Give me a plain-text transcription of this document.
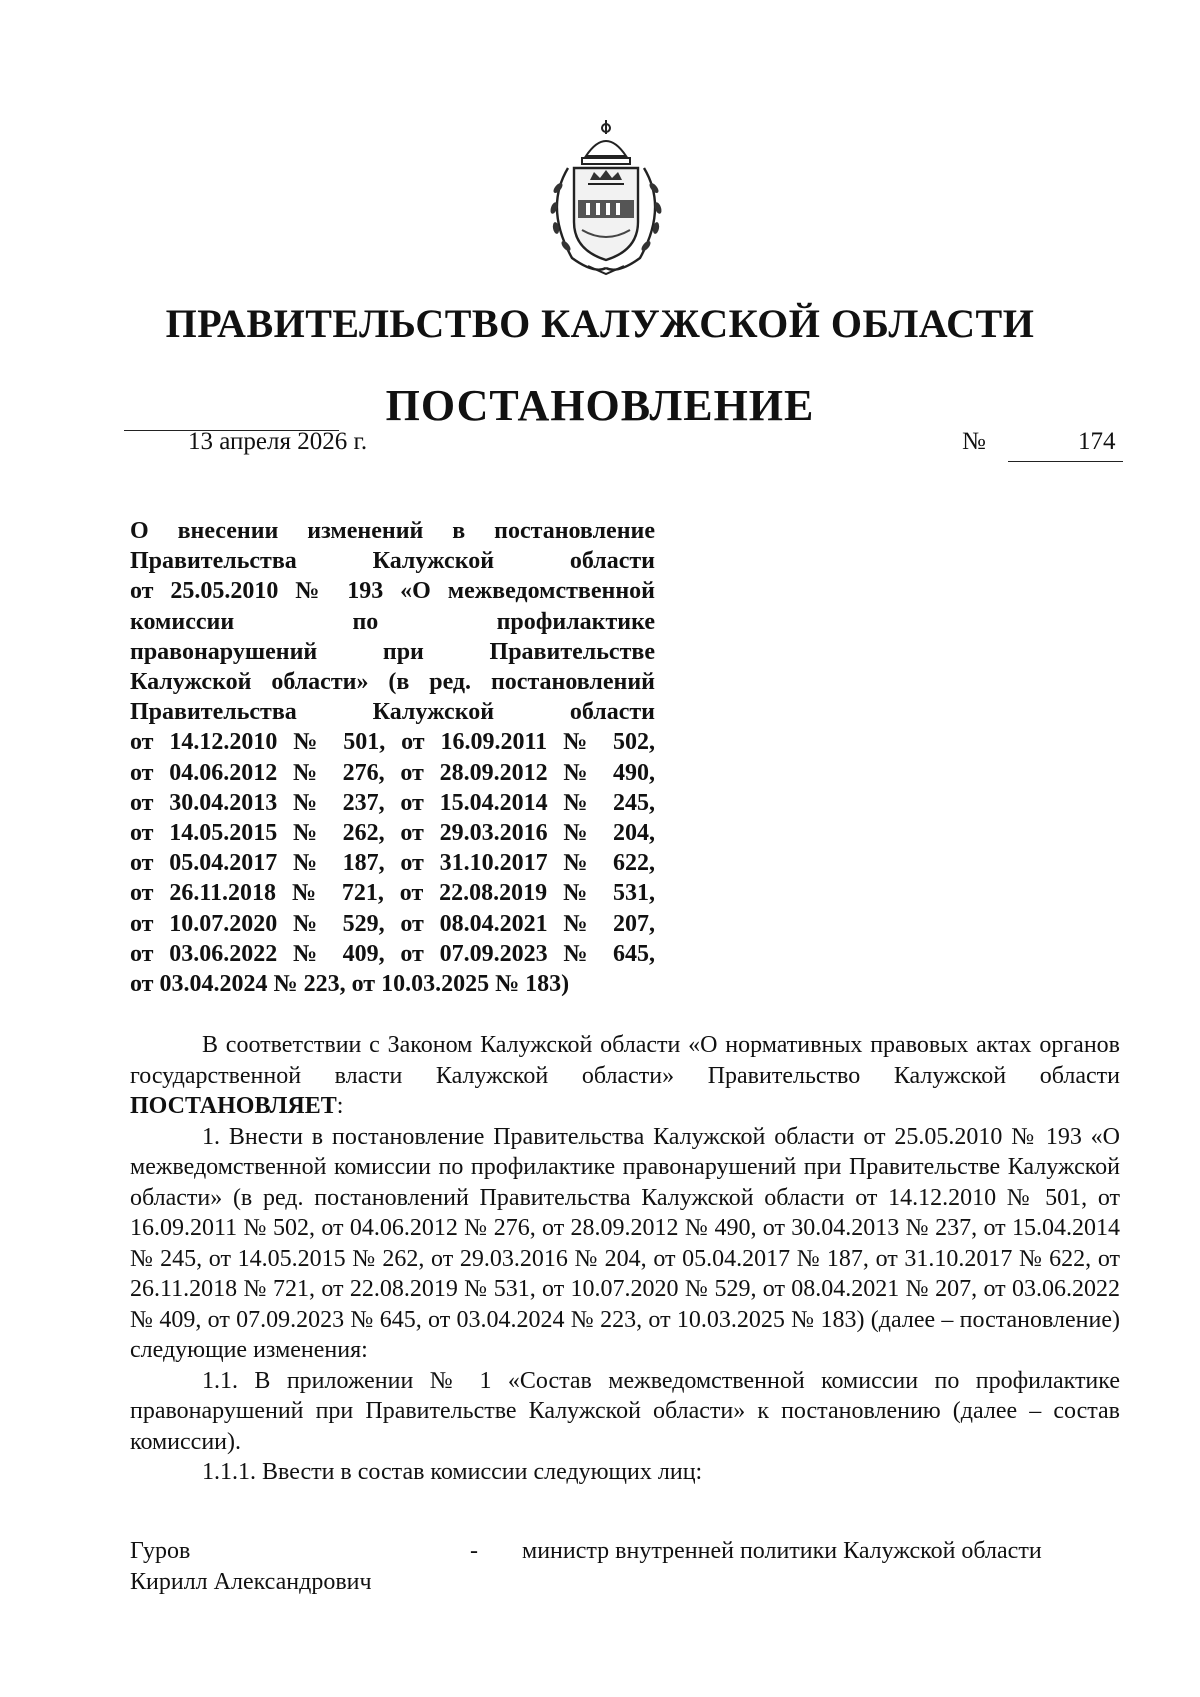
ПРАВИТЕЛЬСТВО КАЛУЖСКОЙ ОБЛАСТИ
ПОСТАНОВЛЕНИЕ
13 апреля 2026 г.	№	174
О внесении изменений в постановление
Правительства Калужской области
от 25.05.2010 № 193 «О межведомственной
комиссии по профилактике
правонарушений при Правительстве
Калужской области» (в ред. постановлений
Правительства Калужской области
от 14.12.2010 № 501, от 16.09.2011 № 502,
от 04.06.2012 № 276, от 28.09.2012 № 490,
от 30.04.2013 № 237, от 15.04.2014 № 245,
от 14.05.2015 № 262, от 29.03.2016 № 204,
от 05.04.2017 № 187, от 31.10.2017 № 622,
от 26.11.2018 № 721, от 22.08.2019 № 531,
от 10.07.2020 № 529, от 08.04.2021 № 207,
от 03.06.2022 № 409, от 07.09.2023 № 645,
от 03.04.2024 № 223, от 10.03.2025 № 183)

В соответствии с Законом Калужской области «О нормативных правовых актах органов государственной власти Калужской области» Правительство Калужской области ПОСТАНОВЛЯЕТ:

1. Внести в постановление Правительства Калужской области от 25.05.2010 № 193 «О межведомственной комиссии по профилактике правонарушений при Правительстве Калужской области» (в ред. постановлений Правительства Калужской области от 14.12.2010 № 501, от 16.09.2011 № 502, от 04.06.2012 № 276, от 28.09.2012 № 490, от 30.04.2013 № 237, от 15.04.2014 № 245, от 14.05.2015 № 262, от 29.03.2016 № 204, от 05.04.2017 № 187, от 31.10.2017 № 622, от 26.11.2018 № 721, от 22.08.2019 № 531, от 10.07.2020 № 529, от 08.04.2021 № 207, от 03.06.2022 № 409, от 07.09.2023 № 645, от 03.04.2024 № 223, от 10.03.2025 № 183) (далее – постановление) следующие изменения:

1.1. В приложении № 1 «Состав межведомственной комиссии по профилактике правонарушений при Правительстве Калужской области» к постановлению (далее – состав комиссии).

1.1.1. Ввести в состав комиссии следующих лиц:

Гуров
Кирилл Александрович
- министр внутренней политики Калужской области
